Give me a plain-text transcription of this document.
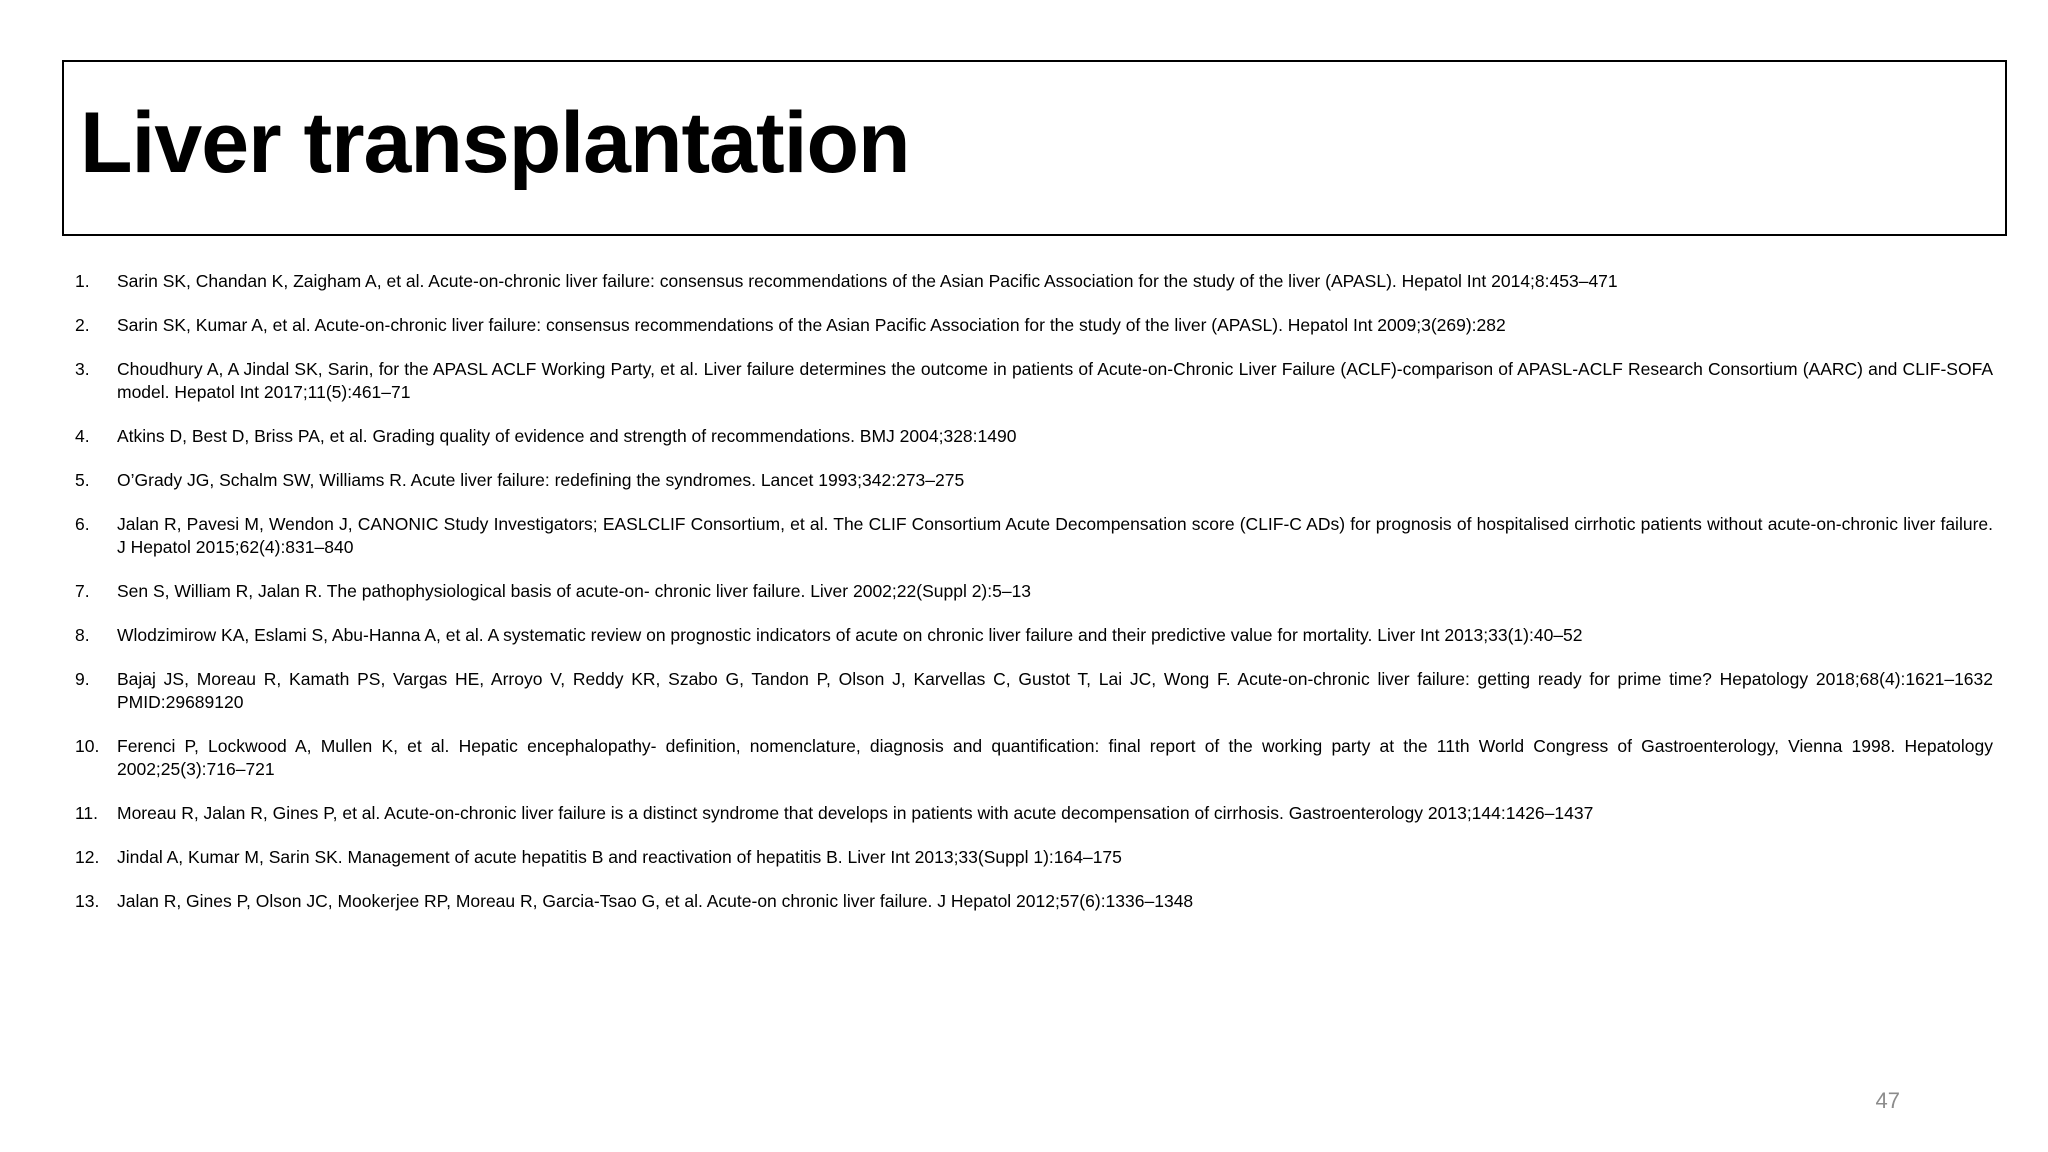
Liver transplantation
1.	Sarin SK, Chandan K, Zaigham A, et al. Acute-on-chronic liver failure: consensus recommendations of the Asian Pacific Association for the study of the liver (APASL). Hepatol Int 2014;8:453–471
2.	Sarin SK, Kumar A, et al. Acute-on-chronic liver failure: consensus recommendations of the Asian Pacific Association for the study of the liver (APASL). Hepatol Int 2009;3(269):282
3.	Choudhury A, A Jindal SK, Sarin, for the APASL ACLF Working Party, et al. Liver failure determines the outcome in patients of Acute-on-Chronic Liver Failure (ACLF)-comparison of APASL-ACLF Research Consortium (AARC) and CLIF-SOFA model. Hepatol Int 2017;11(5):461–71
4.	Atkins D, Best D, Briss PA, et al. Grading quality of evidence and strength of recommendations. BMJ 2004;328:1490
5.	O’Grady JG, Schalm SW, Williams R. Acute liver failure: redefining the syndromes. Lancet 1993;342:273–275
6.	Jalan R, Pavesi M, Wendon J, CANONIC Study Investigators; EASLCLIF Consortium, et al. The CLIF Consortium Acute Decompensation score (CLIF-C ADs) for prognosis of hospitalised cirrhotic patients without acute-on-chronic liver failure. J Hepatol 2015;62(4):831–840
7.	Sen S, William R, Jalan R. The pathophysiological basis of acute-on- chronic liver failure. Liver 2002;22(Suppl 2):5–13
8.	Wlodzimirow KA, Eslami S, Abu-Hanna A, et al. A systematic review on prognostic indicators of acute on chronic liver failure and their predictive value for mortality. Liver Int 2013;33(1):40–52
9.	Bajaj JS, Moreau R, Kamath PS, Vargas HE, Arroyo V, Reddy KR, Szabo G, Tandon P, Olson J, Karvellas C, Gustot T, Lai JC, Wong F. Acute-on-chronic liver failure: getting ready for prime time? Hepatology 2018;68(4):1621–1632 PMID:29689120
10.	Ferenci P, Lockwood A, Mullen K, et al. Hepatic encephalopathy- definition, nomenclature, diagnosis and quantification: final report of the working party at the 11th World Congress of Gastroenterology, Vienna 1998. Hepatology 2002;25(3):716–721
11.	Moreau R, Jalan R, Gines P, et al. Acute-on-chronic liver failure is a distinct syndrome that develops in patients with acute decompensation of cirrhosis. Gastroenterology 2013;144:1426–1437
12.	Jindal A, Kumar M, Sarin SK. Management of acute hepatitis B and reactivation of hepatitis B. Liver Int 2013;33(Suppl 1):164–175
13.	Jalan R, Gines P, Olson JC, Mookerjee RP, Moreau R, Garcia-Tsao G, et al. Acute-on chronic liver failure. J Hepatol 2012;57(6):1336–1348
47
